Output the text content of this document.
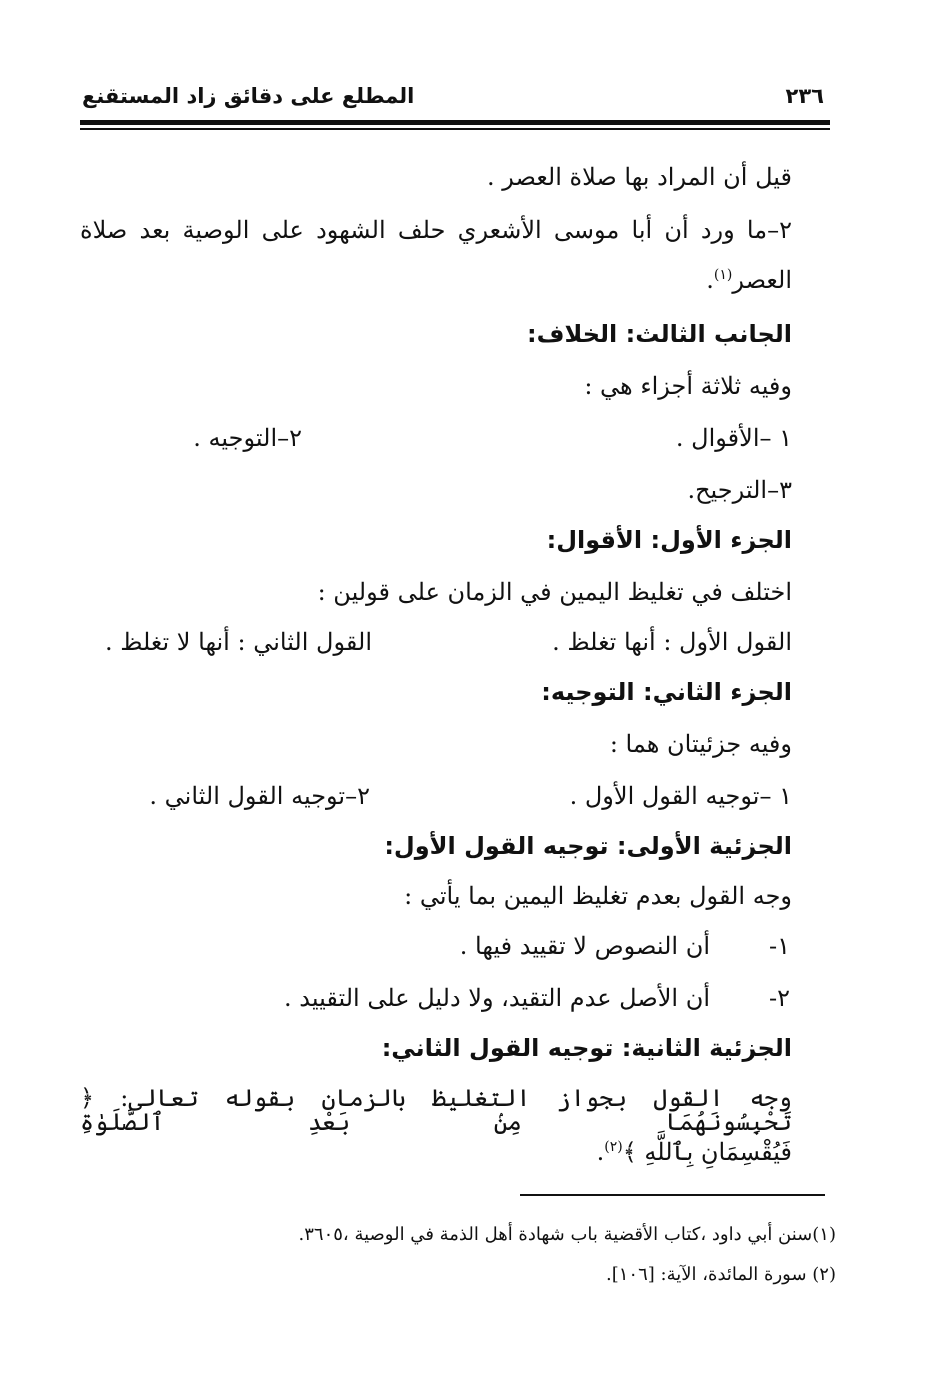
المطلع على دقائق زاد المستقنع	٢٣٦
قيل أن المراد بها صلاة العصر .
٢–ما ورد أن أبا موسى الأشعري حلف الشهود على الوصية بعد صلاة
العصر$^{(١)}$.
الجانب الثالث: الخلاف:
وفيه ثلاثة أجزاء هي :
١ –الأقوال .
٢–التوجيه .
٣–الترجيح.
الجزء الأول: الأقوال:
اختلف في تغليظ اليمين في الزمان على قولين :
القول الأول : أنها تغلظ .
القول الثاني : أنها لا تغلظ .
الجزء الثاني: التوجيه:
وفيه جزئيتان هما :
١ –توجيه القول الأول .
٢–توجيه القول الثاني .
الجزئية الأولى: توجيه القول الأول:
وجه القول بعدم تغليظ اليمين بما يأتي :
١-
أن النصوص لا تقييد فيها .
٢-
أن الأصل عدم التقيد، ولا دليل على التقييد .
الجزئية الثانية: توجيه القول الثاني:
وجه القول بجواز التغليظ بالزمان بقوله تعالى: ﴿ تَحْبِسُونَهُمَا مِنۢ بَعْدِ ٱلصَّلَوٰةِ
فَيُقْسِمَانِ بِٱللَّهِ ﴾$^{(٢)}$.
(١)سنن أبي داود ،كتاب الأقضية باب شهادة أهل الذمة في الوصية ،٣٦٠٥.
(٢) سورة المائدة، الآية: [١٠٦].
